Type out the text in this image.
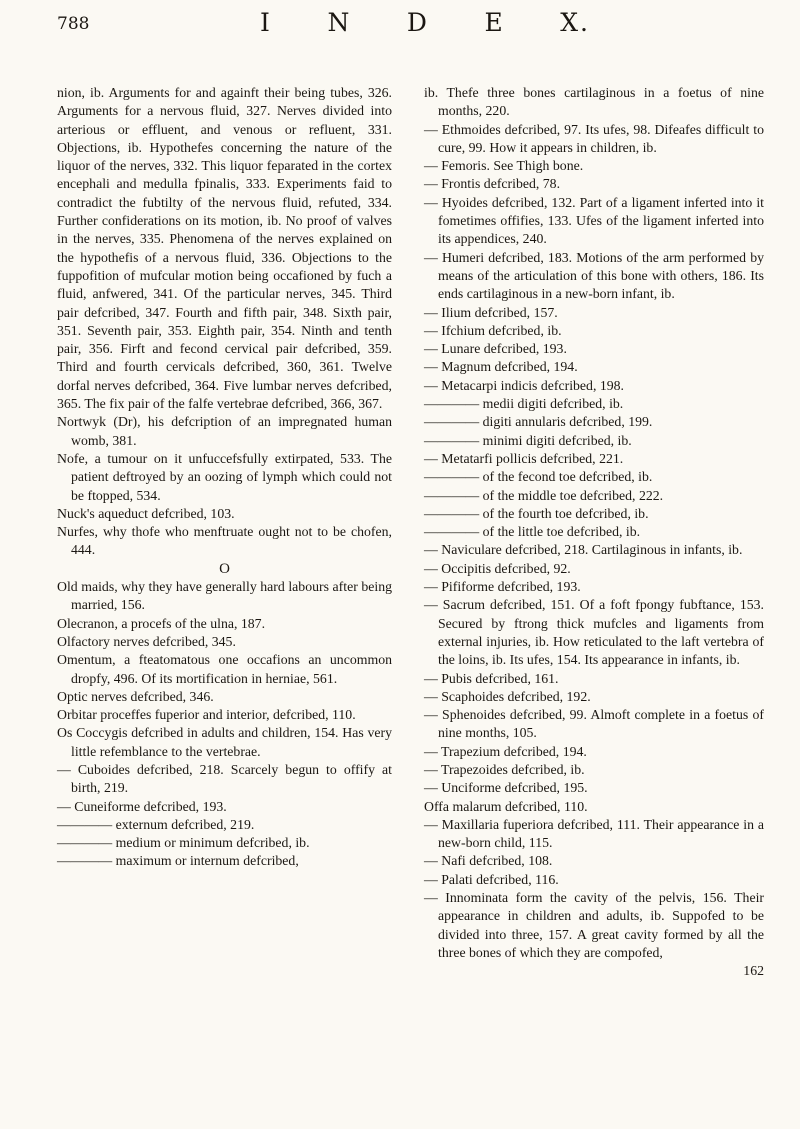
788	I N D E X.

nion, ib. Arguments for and againft their being tubes, 326. Arguments for a nervous fluid, 327. Nerves divided into arterious or effluent, and venous or refluent, 331. Objections, ib. Hypothefes concerning the nature of the liquor of the nerves, 332. This liquor feparated in the cortex encephali and medulla fpinalis, 333. Experiments faid to contradict the fubtilty of the nervous fluid, refuted, 334. Further confiderations on its motion, ib. No proof of valves in the nerves, 335. Phenomena of the nerves explained on the hypothefis of a nervous fluid, 336. Objections to the fuppofition of mufcular motion being occafioned by fuch a fluid, anfwered, 341. Of the particular nerves, 345. Third pair defcribed, 347. Fourth and fifth pair, 348. Sixth pair, 351. Seventh pair, 353. Eighth pair, 354. Ninth and tenth pair, 356. Firft and fecond cervical pair defcribed, 359. Third and fourth cervicals defcribed, 360, 361. Twelve dorfal nerves defcribed, 364. Five lumbar nerves defcribed, 365. The fix pair of the falfe vertebrae defcribed, 366, 367.

Nortwyk (Dr), his defcription of an impregnated human womb, 381.

Nofe, a tumour on it unfuccefsfully extirpated, 533. The patient deftroyed by an oozing of lymph which could not be ftopped, 534.

Nuck's aqueduct defcribed, 103.

Nurfes, why thofe who menftruate ought not to be chofen, 444.

O

Old maids, why they have generally hard labours after being married, 156.

Olecranon, a procefs of the ulna, 187.

Olfactory nerves defcribed, 345.

Omentum, a fteatomatous one occafions an uncommon dropfy, 496. Of its mortification in herniae, 561.

Optic nerves defcribed, 346.

Orbitar proceffes fuperior and interior, defcribed, 110.

Os Coccygis defcribed in adults and children, 154. Has very little refemblance to the vertebrae.

— Cuboides defcribed, 218. Scarcely begun to offify at birth, 219.

— Cuneiforme defcribed, 193.

———— externum defcribed, 219.

———— medium or minimum defcribed, ib.

———— maximum or internum defcribed,

ib. Thefe three bones cartilaginous in a foetus of nine months, 220.

— Ethmoides defcribed, 97. Its ufes, 98. Difeafes difficult to cure, 99. How it appears in children, ib.

— Femoris. See Thigh bone.

— Frontis defcribed, 78.

— Hyoides defcribed, 132. Part of a ligament inferted into it fometimes offifies, 133. Ufes of the ligament inferted into its appendices, 240.

— Humeri defcribed, 183. Motions of the arm performed by means of the articulation of this bone with others, 186. Its ends cartilaginous in a new-born infant, ib.

— Ilium defcribed, 157.

— Ifchium defcribed, ib.

— Lunare defcribed, 193.

— Magnum defcribed, 194.

— Metacarpi indicis defcribed, 198.

———— medii digiti defcribed, ib.

———— digiti annularis defcribed, 199.

———— minimi digiti defcribed, ib.

— Metatarfi pollicis defcribed, 221.

———— of the fecond toe defcribed, ib.

———— of the middle toe defcribed, 222.

———— of the fourth toe defcribed, ib.

———— of the little toe defcribed, ib.

— Naviculare defcribed, 218. Cartilaginous in infants, ib.

— Occipitis defcribed, 92.

— Pififorme defcribed, 193.

— Sacrum defcribed, 151. Of a foft fpongy fubftance, 153. Secured by ftrong thick mufcles and ligaments from external injuries, ib. How reticulated to the laft vertebra of the loins, ib. Its ufes, 154. Its appearance in infants, ib.

— Pubis defcribed, 161.

— Scaphoides defcribed, 192.

— Sphenoides defcribed, 99. Almoft complete in a foetus of nine months, 105.

— Trapezium defcribed, 194.

— Trapezoides defcribed, ib.

— Unciforme defcribed, 195.

Offa malarum defcribed, 110.

— Maxillaria fuperiora defcribed, 111. Their appearance in a new-born child, 115.

— Nafi defcribed, 108.

— Palati defcribed, 116.

— Innominata form the cavity of the pelvis, 156. Their appearance in children and adults, ib. Suppofed to be divided into three, 157. A great cavity formed by all the three bones of which they are compofed,

162
